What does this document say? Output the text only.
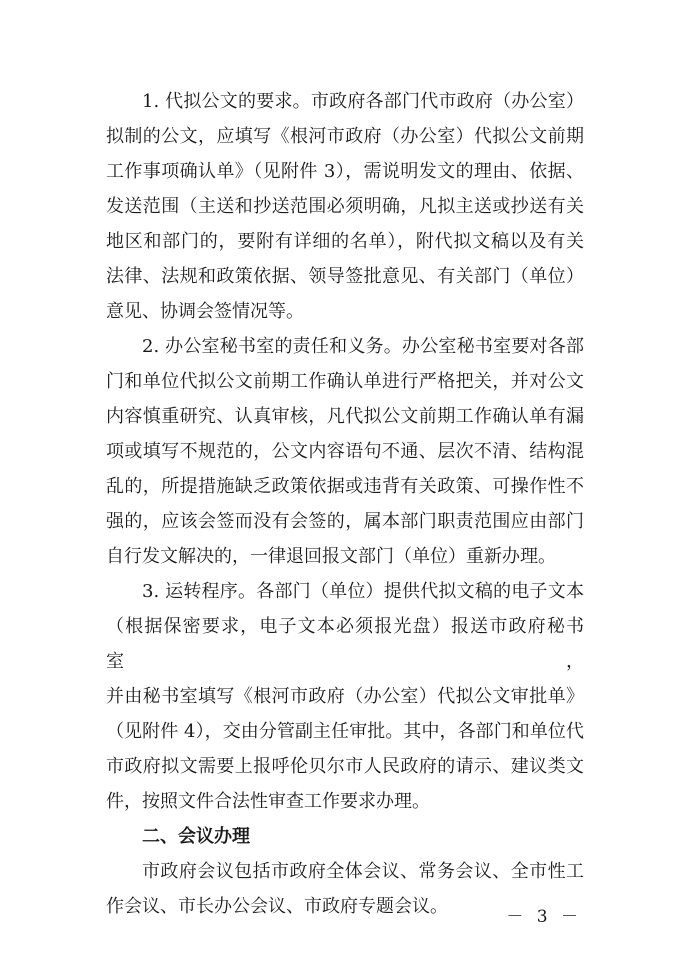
1. 代拟公文的要求。市政府各部门代市政府（办公室）
拟制的公文，应填写《根河市政府（办公室）代拟公文前期
工作事项确认单》（见附件 3），需说明发文的理由、依据、
发送范围（主送和抄送范围必须明确，凡拟主送或抄送有关
地区和部门的，要附有详细的名单），附代拟文稿以及有关
法律、法规和政策依据、领导签批意见、有关部门（单位）
意见、协调会签情况等。

2. 办公室秘书室的责任和义务。办公室秘书室要对各部
门和单位代拟公文前期工作确认单进行严格把关，并对公文
内容慎重研究、认真审核，凡代拟公文前期工作确认单有漏
项或填写不规范的，公文内容语句不通、层次不清、结构混
乱的，所提措施缺乏政策依据或违背有关政策、可操作性不
强的，应该会签而没有会签的，属本部门职责范围应由部门
自行发文解决的，一律退回报文部门（单位）重新办理。

3. 运转程序。各部门（单位）提供代拟文稿的电子文本
（根据保密要求，电子文本必须报光盘）报送市政府秘书室，
并由秘书室填写《根河市政府（办公室）代拟公文审批单》
（见附件 4），交由分管副主任审批。其中，各部门和单位代
市政府拟文需要上报呼伦贝尔市人民政府的请示、建议类文
件，按照文件合法性审查工作要求办理。

二、会议办理

市政府会议包括市政府全体会议、常务会议、全市性工
作会议、市长办公会议、市政府专题会议。	－ 3 －
